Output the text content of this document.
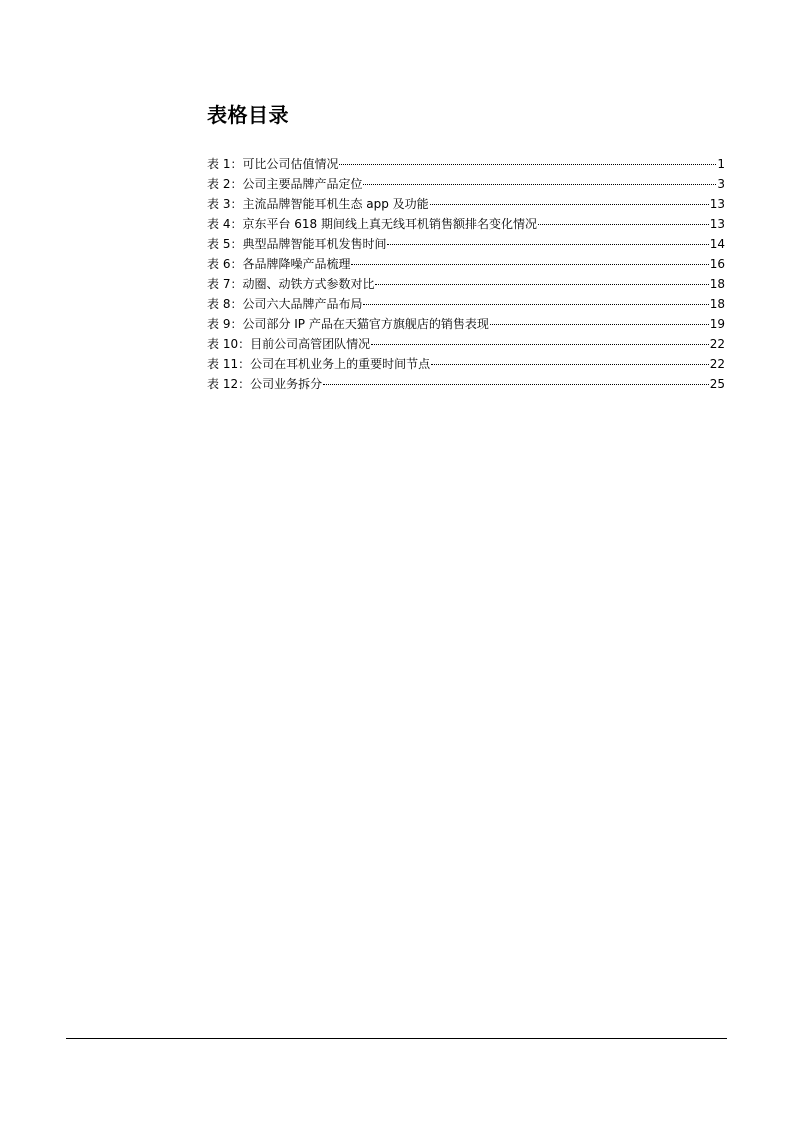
表格目录
表 1：可比公司估值情况	1
表 2：公司主要品牌产品定位	3
表 3：主流品牌智能耳机生态 app 及功能	13
表 4：京东平台 618 期间线上真无线耳机销售额排名变化情况	13
表 5：典型品牌智能耳机发售时间	14
表 6：各品牌降噪产品梳理	16
表 7：动圈、动铁方式参数对比	18
表 8：公司六大品牌产品布局	18
表 9：公司部分 IP 产品在天猫官方旗舰店的销售表现	19
表 10：目前公司高管团队情况	22
表 11：公司在耳机业务上的重要时间节点	22
表 12：公司业务拆分	25
